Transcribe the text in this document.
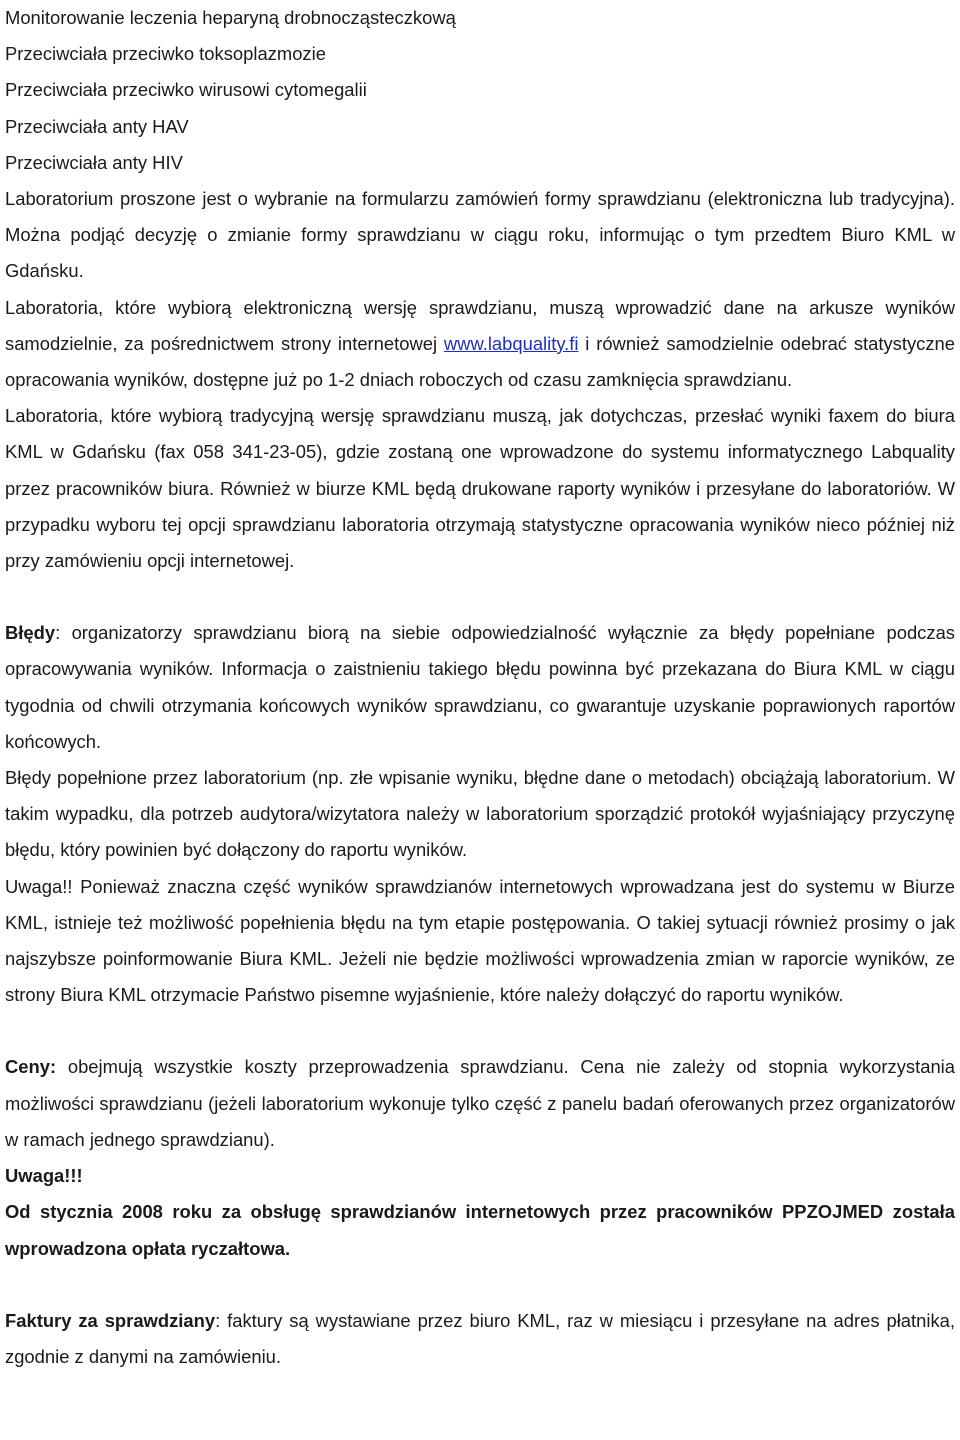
Monitorowanie leczenia heparyną drobnocząsteczkową
Przeciwciała przeciwko toksoplazmozie
Przeciwciała przeciwko wirusowi cytomegalii
Przeciwciała anty HAV
Przeciwciała anty HIV
Laboratorium proszone jest o wybranie na formularzu zamówień formy sprawdzianu (elektroniczna lub tradycyjna). Można podjąć decyzję o zmianie formy sprawdzianu w ciągu roku, informując o tym przedtem Biuro KML w Gdańsku.
Laboratoria, które wybiorą elektroniczną wersję sprawdzianu, muszą wprowadzić dane na arkusze wyników samodzielnie, za pośrednictwem strony internetowej www.labquality.fi i również samodzielnie odebrać statystyczne opracowania wyników, dostępne już po 1-2 dniach roboczych od czasu zamknięcia sprawdzianu.
Laboratoria, które wybiorą tradycyjną wersję sprawdzianu muszą, jak dotychczas, przesłać wyniki faxem do biura KML w Gdańsku (fax 058 341-23-05), gdzie zostaną one wprowadzone do systemu informatycznego Labquality przez pracowników biura. Również w biurze KML będą drukowane raporty wyników i przesyłane do laboratoriów. W przypadku wyboru tej opcji sprawdzianu laboratoria otrzymają statystyczne opracowania wyników nieco później niż przy zamówieniu opcji internetowej.
Błędy: organizatorzy sprawdzianu biorą na siebie odpowiedzialność wyłącznie za błędy popełniane podczas opracowywania wyników. Informacja o zaistnieniu takiego błędu powinna być przekazana do Biura KML w ciągu tygodnia od chwili otrzymania końcowych wyników sprawdzianu, co gwarantuje uzyskanie poprawionych raportów końcowych.
Błędy popełnione przez laboratorium (np. złe wpisanie wyniku, błędne dane o metodach) obciążają laboratorium. W takim wypadku, dla potrzeb audytora/wizytatora należy w laboratorium sporządzić protokół wyjaśniający przyczynę błędu, który powinien być dołączony do raportu wyników.
Uwaga!! Ponieważ znaczna część wyników sprawdzianów internetowych wprowadzana jest do systemu w Biurze KML, istnieje też możliwość popełnienia błędu na tym etapie postępowania. O takiej sytuacji również prosimy o jak najszybsze poinformowanie Biura KML. Jeżeli nie będzie możliwości wprowadzenia zmian w raporcie wyników, ze strony Biura KML otrzymacie Państwo pisemne wyjaśnienie, które należy dołączyć do raportu wyników.
Ceny: obejmują wszystkie koszty przeprowadzenia sprawdzianu. Cena nie zależy od stopnia wykorzystania możliwości sprawdzianu (jeżeli laboratorium wykonuje tylko część z panelu badań oferowanych przez organizatorów w ramach jednego sprawdzianu).
Uwaga!!!
Od stycznia 2008 roku za obsługę sprawdzianów internetowych przez pracowników PPZOJMED została wprowadzona opłata ryczałtowa.
Faktury za sprawdziany: faktury są wystawiane przez biuro KML, raz w miesiącu i przesyłane na adres płatnika, zgodnie z danymi na zamówieniu.
